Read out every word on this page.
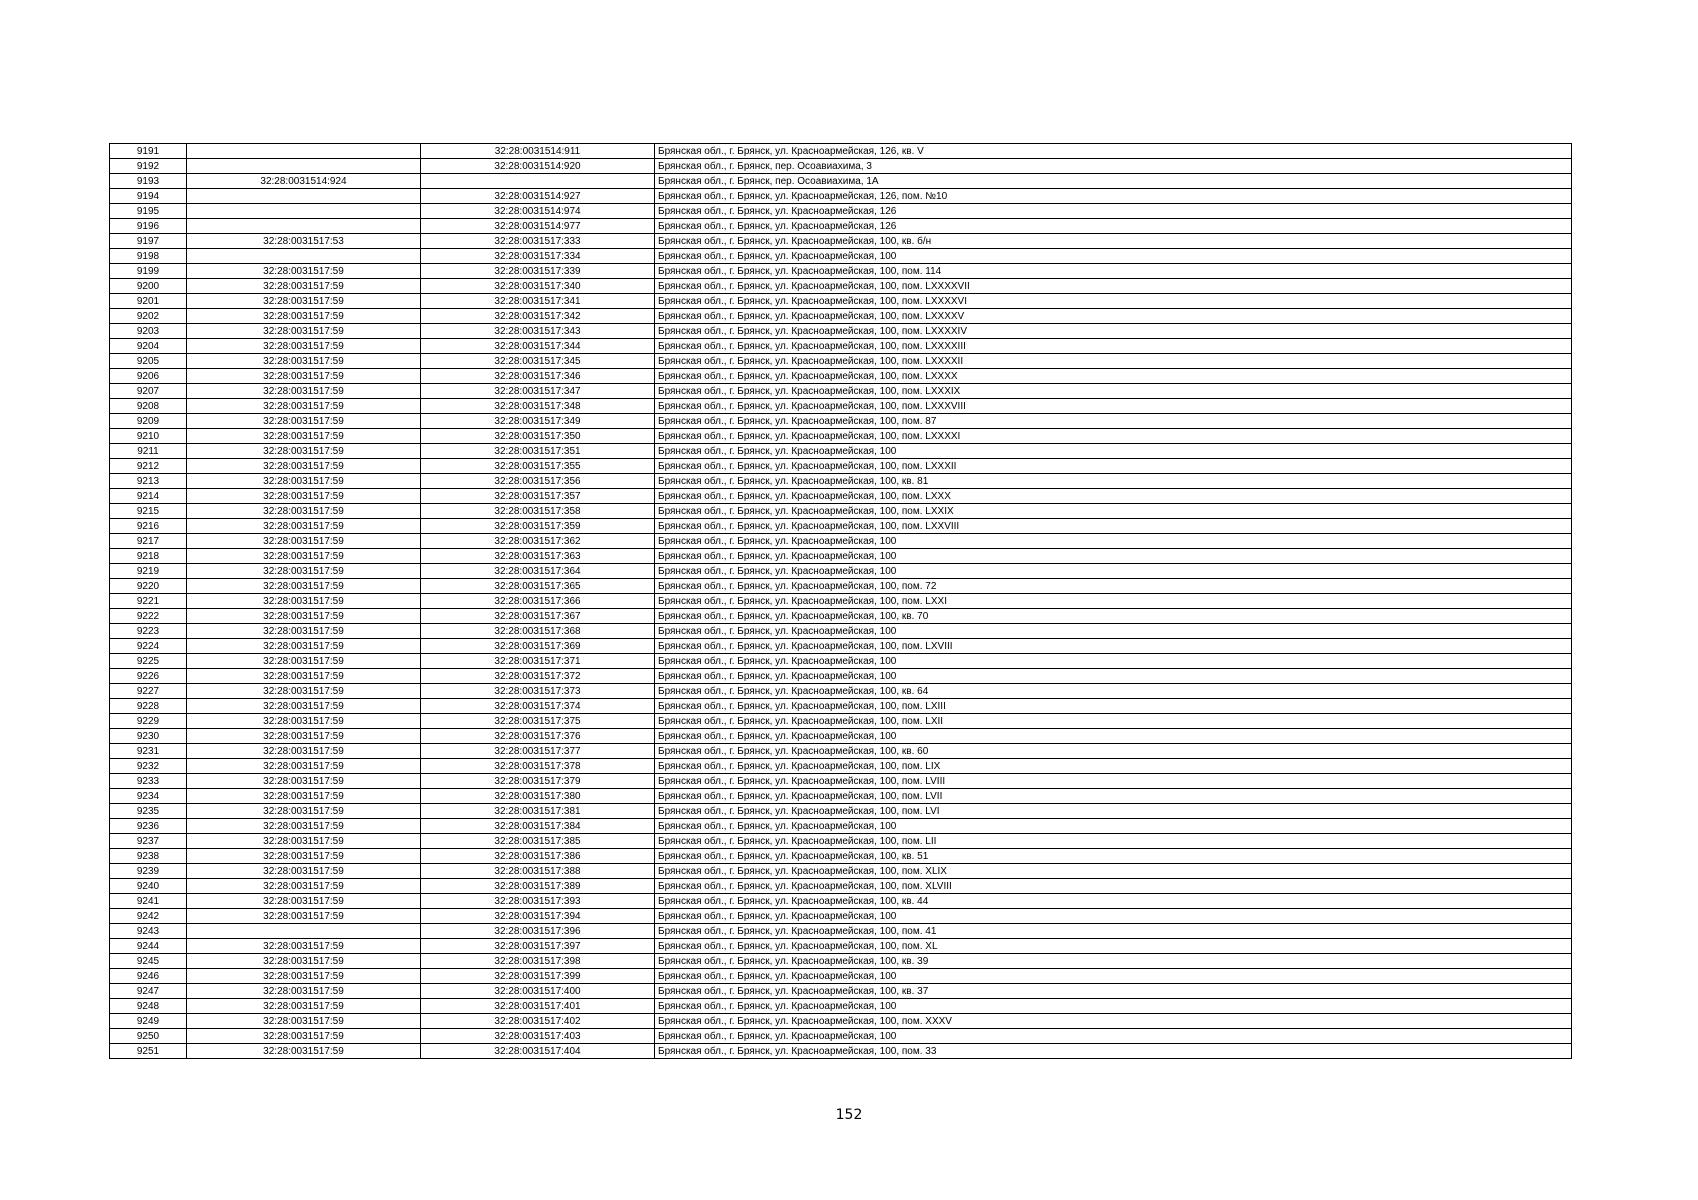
9191		32:28:0031514:911	Брянская обл., г. Брянск, ул. Красноармейская, 126, кв. V
9192		32:28:0031514:920	Брянская обл., г. Брянск, пер. Осоавиахима, 3
9193	32:28:0031514:924		Брянская обл., г. Брянск, пер. Осоавиахима, 1А
9194		32:28:0031514:927	Брянская обл., г. Брянск, ул. Красноармейская, 126, пом. №10
9195		32:28:0031514:974	Брянская обл., г. Брянск, ул. Красноармейская, 126
9196		32:28:0031514:977	Брянская обл., г. Брянск, ул. Красноармейская, 126
9197	32:28:0031517:53	32:28:0031517:333	Брянская обл., г. Брянск, ул. Красноармейская, 100, кв. б/н
9198		32:28:0031517:334	Брянская обл., г. Брянск, ул. Красноармейская, 100
9199	32:28:0031517:59	32:28:0031517:339	Брянская обл., г. Брянск, ул. Красноармейская, 100, пом. 114
9200	32:28:0031517:59	32:28:0031517:340	Брянская обл., г. Брянск, ул. Красноармейская, 100, пом. LXXXXVII
9201	32:28:0031517:59	32:28:0031517:341	Брянская обл., г. Брянск, ул. Красноармейская, 100, пом. LXXXXVI
9202	32:28:0031517:59	32:28:0031517:342	Брянская обл., г. Брянск, ул. Красноармейская, 100, пом. LXXXXV
9203	32:28:0031517:59	32:28:0031517:343	Брянская обл., г. Брянск, ул. Красноармейская, 100, пом. LXXXXIV
9204	32:28:0031517:59	32:28:0031517:344	Брянская обл., г. Брянск, ул. Красноармейская, 100, пом. LXXXXIII
9205	32:28:0031517:59	32:28:0031517:345	Брянская обл., г. Брянск, ул. Красноармейская, 100, пом. LXXXXII
9206	32:28:0031517:59	32:28:0031517:346	Брянская обл., г. Брянск, ул. Красноармейская, 100, пом. LXXXX
9207	32:28:0031517:59	32:28:0031517:347	Брянская обл., г. Брянск, ул. Красноармейская, 100, пом. LXXXIX
9208	32:28:0031517:59	32:28:0031517:348	Брянская обл., г. Брянск, ул. Красноармейская, 100, пом. LXXXVIII
9209	32:28:0031517:59	32:28:0031517:349	Брянская обл., г. Брянск, ул. Красноармейская, 100, пом. 87
9210	32:28:0031517:59	32:28:0031517:350	Брянская обл., г. Брянск, ул. Красноармейская, 100, пом. LXXXXI
9211	32:28:0031517:59	32:28:0031517:351	Брянская обл., г. Брянск, ул. Красноармейская, 100
9212	32:28:0031517:59	32:28:0031517:355	Брянская обл., г. Брянск, ул. Красноармейская, 100, пом. LXXXII
9213	32:28:0031517:59	32:28:0031517:356	Брянская обл., г. Брянск, ул. Красноармейская, 100, кв. 81
9214	32:28:0031517:59	32:28:0031517:357	Брянская обл., г. Брянск, ул. Красноармейская, 100, пом. LXXX
9215	32:28:0031517:59	32:28:0031517:358	Брянская обл., г. Брянск, ул. Красноармейская, 100, пом. LXXIX
9216	32:28:0031517:59	32:28:0031517:359	Брянская обл., г. Брянск, ул. Красноармейская, 100, пом. LXXVIII
9217	32:28:0031517:59	32:28:0031517:362	Брянская обл., г. Брянск, ул. Красноармейская, 100
9218	32:28:0031517:59	32:28:0031517:363	Брянская обл., г. Брянск, ул. Красноармейская, 100
9219	32:28:0031517:59	32:28:0031517:364	Брянская обл., г. Брянск, ул. Красноармейская, 100
9220	32:28:0031517:59	32:28:0031517:365	Брянская обл., г. Брянск, ул. Красноармейская, 100, пом. 72
9221	32:28:0031517:59	32:28:0031517:366	Брянская обл., г. Брянск, ул. Красноармейская, 100, пом. LXXI
9222	32:28:0031517:59	32:28:0031517:367	Брянская обл., г. Брянск, ул. Красноармейская, 100, кв. 70
9223	32:28:0031517:59	32:28:0031517:368	Брянская обл., г. Брянск, ул. Красноармейская, 100
9224	32:28:0031517:59	32:28:0031517:369	Брянская обл., г. Брянск, ул. Красноармейская, 100, пом. LXVIII
9225	32:28:0031517:59	32:28:0031517:371	Брянская обл., г. Брянск, ул. Красноармейская, 100
9226	32:28:0031517:59	32:28:0031517:372	Брянская обл., г. Брянск, ул. Красноармейская, 100
9227	32:28:0031517:59	32:28:0031517:373	Брянская обл., г. Брянск, ул. Красноармейская, 100, кв. 64
9228	32:28:0031517:59	32:28:0031517:374	Брянская обл., г. Брянск, ул. Красноармейская, 100, пом. LXIII
9229	32:28:0031517:59	32:28:0031517:375	Брянская обл., г. Брянск, ул. Красноармейская, 100, пом. LXII
9230	32:28:0031517:59	32:28:0031517:376	Брянская обл., г. Брянск, ул. Красноармейская, 100
9231	32:28:0031517:59	32:28:0031517:377	Брянская обл., г. Брянск, ул. Красноармейская, 100, кв. 60
9232	32:28:0031517:59	32:28:0031517:378	Брянская обл., г. Брянск, ул. Красноармейская, 100, пом. LIX
9233	32:28:0031517:59	32:28:0031517:379	Брянская обл., г. Брянск, ул. Красноармейская, 100, пом. LVIII
9234	32:28:0031517:59	32:28:0031517:380	Брянская обл., г. Брянск, ул. Красноармейская, 100, пом. LVII
9235	32:28:0031517:59	32:28:0031517:381	Брянская обл., г. Брянск, ул. Красноармейская, 100, пом. LVI
9236	32:28:0031517:59	32:28:0031517:384	Брянская обл., г. Брянск, ул. Красноармейская, 100
9237	32:28:0031517:59	32:28:0031517:385	Брянская обл., г. Брянск, ул. Красноармейская, 100, пом. LII
9238	32:28:0031517:59	32:28:0031517:386	Брянская обл., г. Брянск, ул. Красноармейская, 100, кв. 51
9239	32:28:0031517:59	32:28:0031517:388	Брянская обл., г. Брянск, ул. Красноармейская, 100, пом. XLIX
9240	32:28:0031517:59	32:28:0031517:389	Брянская обл., г. Брянск, ул. Красноармейская, 100, пом. XLVIII
9241	32:28:0031517:59	32:28:0031517:393	Брянская обл., г. Брянск, ул. Красноармейская, 100, кв. 44
9242	32:28:0031517:59	32:28:0031517:394	Брянская обл., г. Брянск, ул. Красноармейская, 100
9243		32:28:0031517:396	Брянская обл., г. Брянск, ул. Красноармейская, 100, пом. 41
9244	32:28:0031517:59	32:28:0031517:397	Брянская обл., г. Брянск, ул. Красноармейская, 100, пом. XL
9245	32:28:0031517:59	32:28:0031517:398	Брянская обл., г. Брянск, ул. Красноармейская, 100, кв. 39
9246	32:28:0031517:59	32:28:0031517:399	Брянская обл., г. Брянск, ул. Красноармейская, 100
9247	32:28:0031517:59	32:28:0031517:400	Брянская обл., г. Брянск, ул. Красноармейская, 100, кв. 37
9248	32:28:0031517:59	32:28:0031517:401	Брянская обл., г. Брянск, ул. Красноармейская, 100
9249	32:28:0031517:59	32:28:0031517:402	Брянская обл., г. Брянск, ул. Красноармейская, 100, пом. XXXV
9250	32:28:0031517:59	32:28:0031517:403	Брянская обл., г. Брянск, ул. Красноармейская, 100
9251	32:28:0031517:59	32:28:0031517:404	Брянская обл., г. Брянск, ул. Красноармейская, 100, пом. 33
152
